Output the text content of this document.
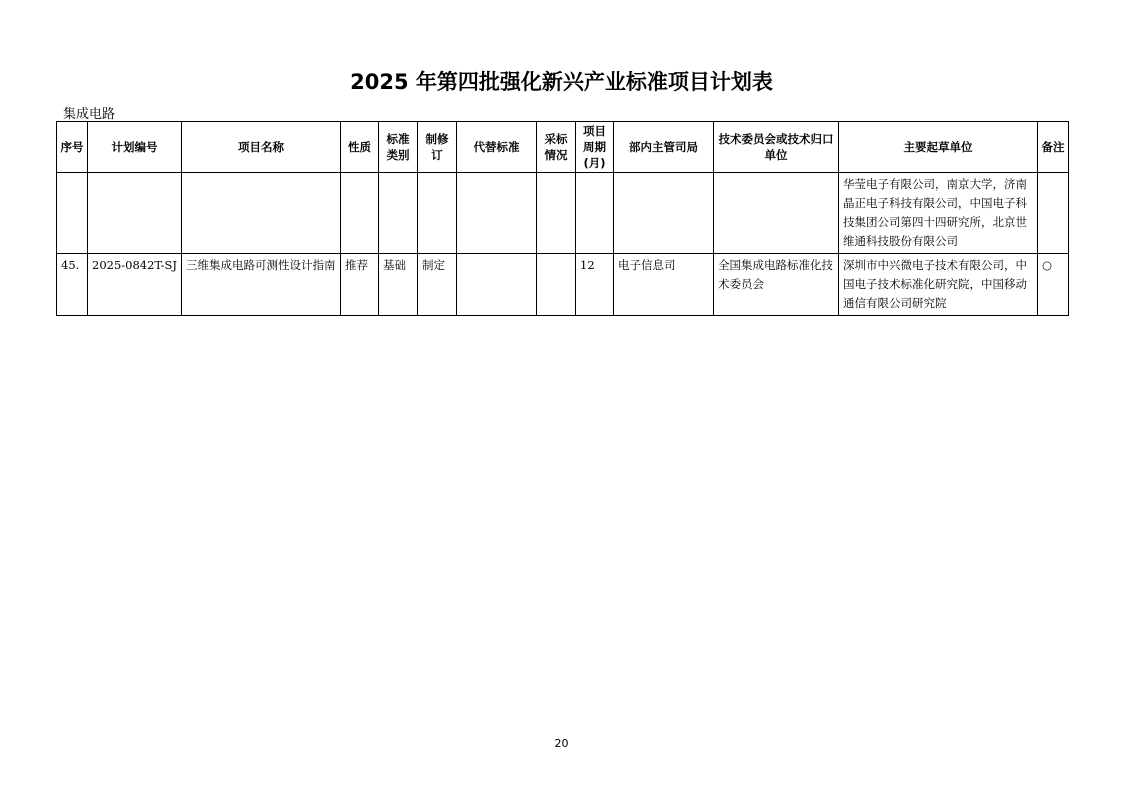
2025 年第四批强化新兴产业标准项目计划表
集成电路
序号	计划编号	项目名称	性质	标准类别	制修订	代替标准	采标情况	项目周期(月)	部内主管司局	技术委员会或技术归口单位	主要起草单位	备注
											华莹电子有限公司，南京大学，济南晶正电子科技有限公司，中国电子科技集团公司第四十四研究所，北京世维通科技股份有限公司	
45.	2025-0842T-SJ	三维集成电路可测性设计指南	推荐	基础	制定			12	电子信息司	全国集成电路标准化技术委员会	深圳市中兴微电子技术有限公司，中国电子技术标准化研究院，中国移动通信有限公司研究院	○
20
